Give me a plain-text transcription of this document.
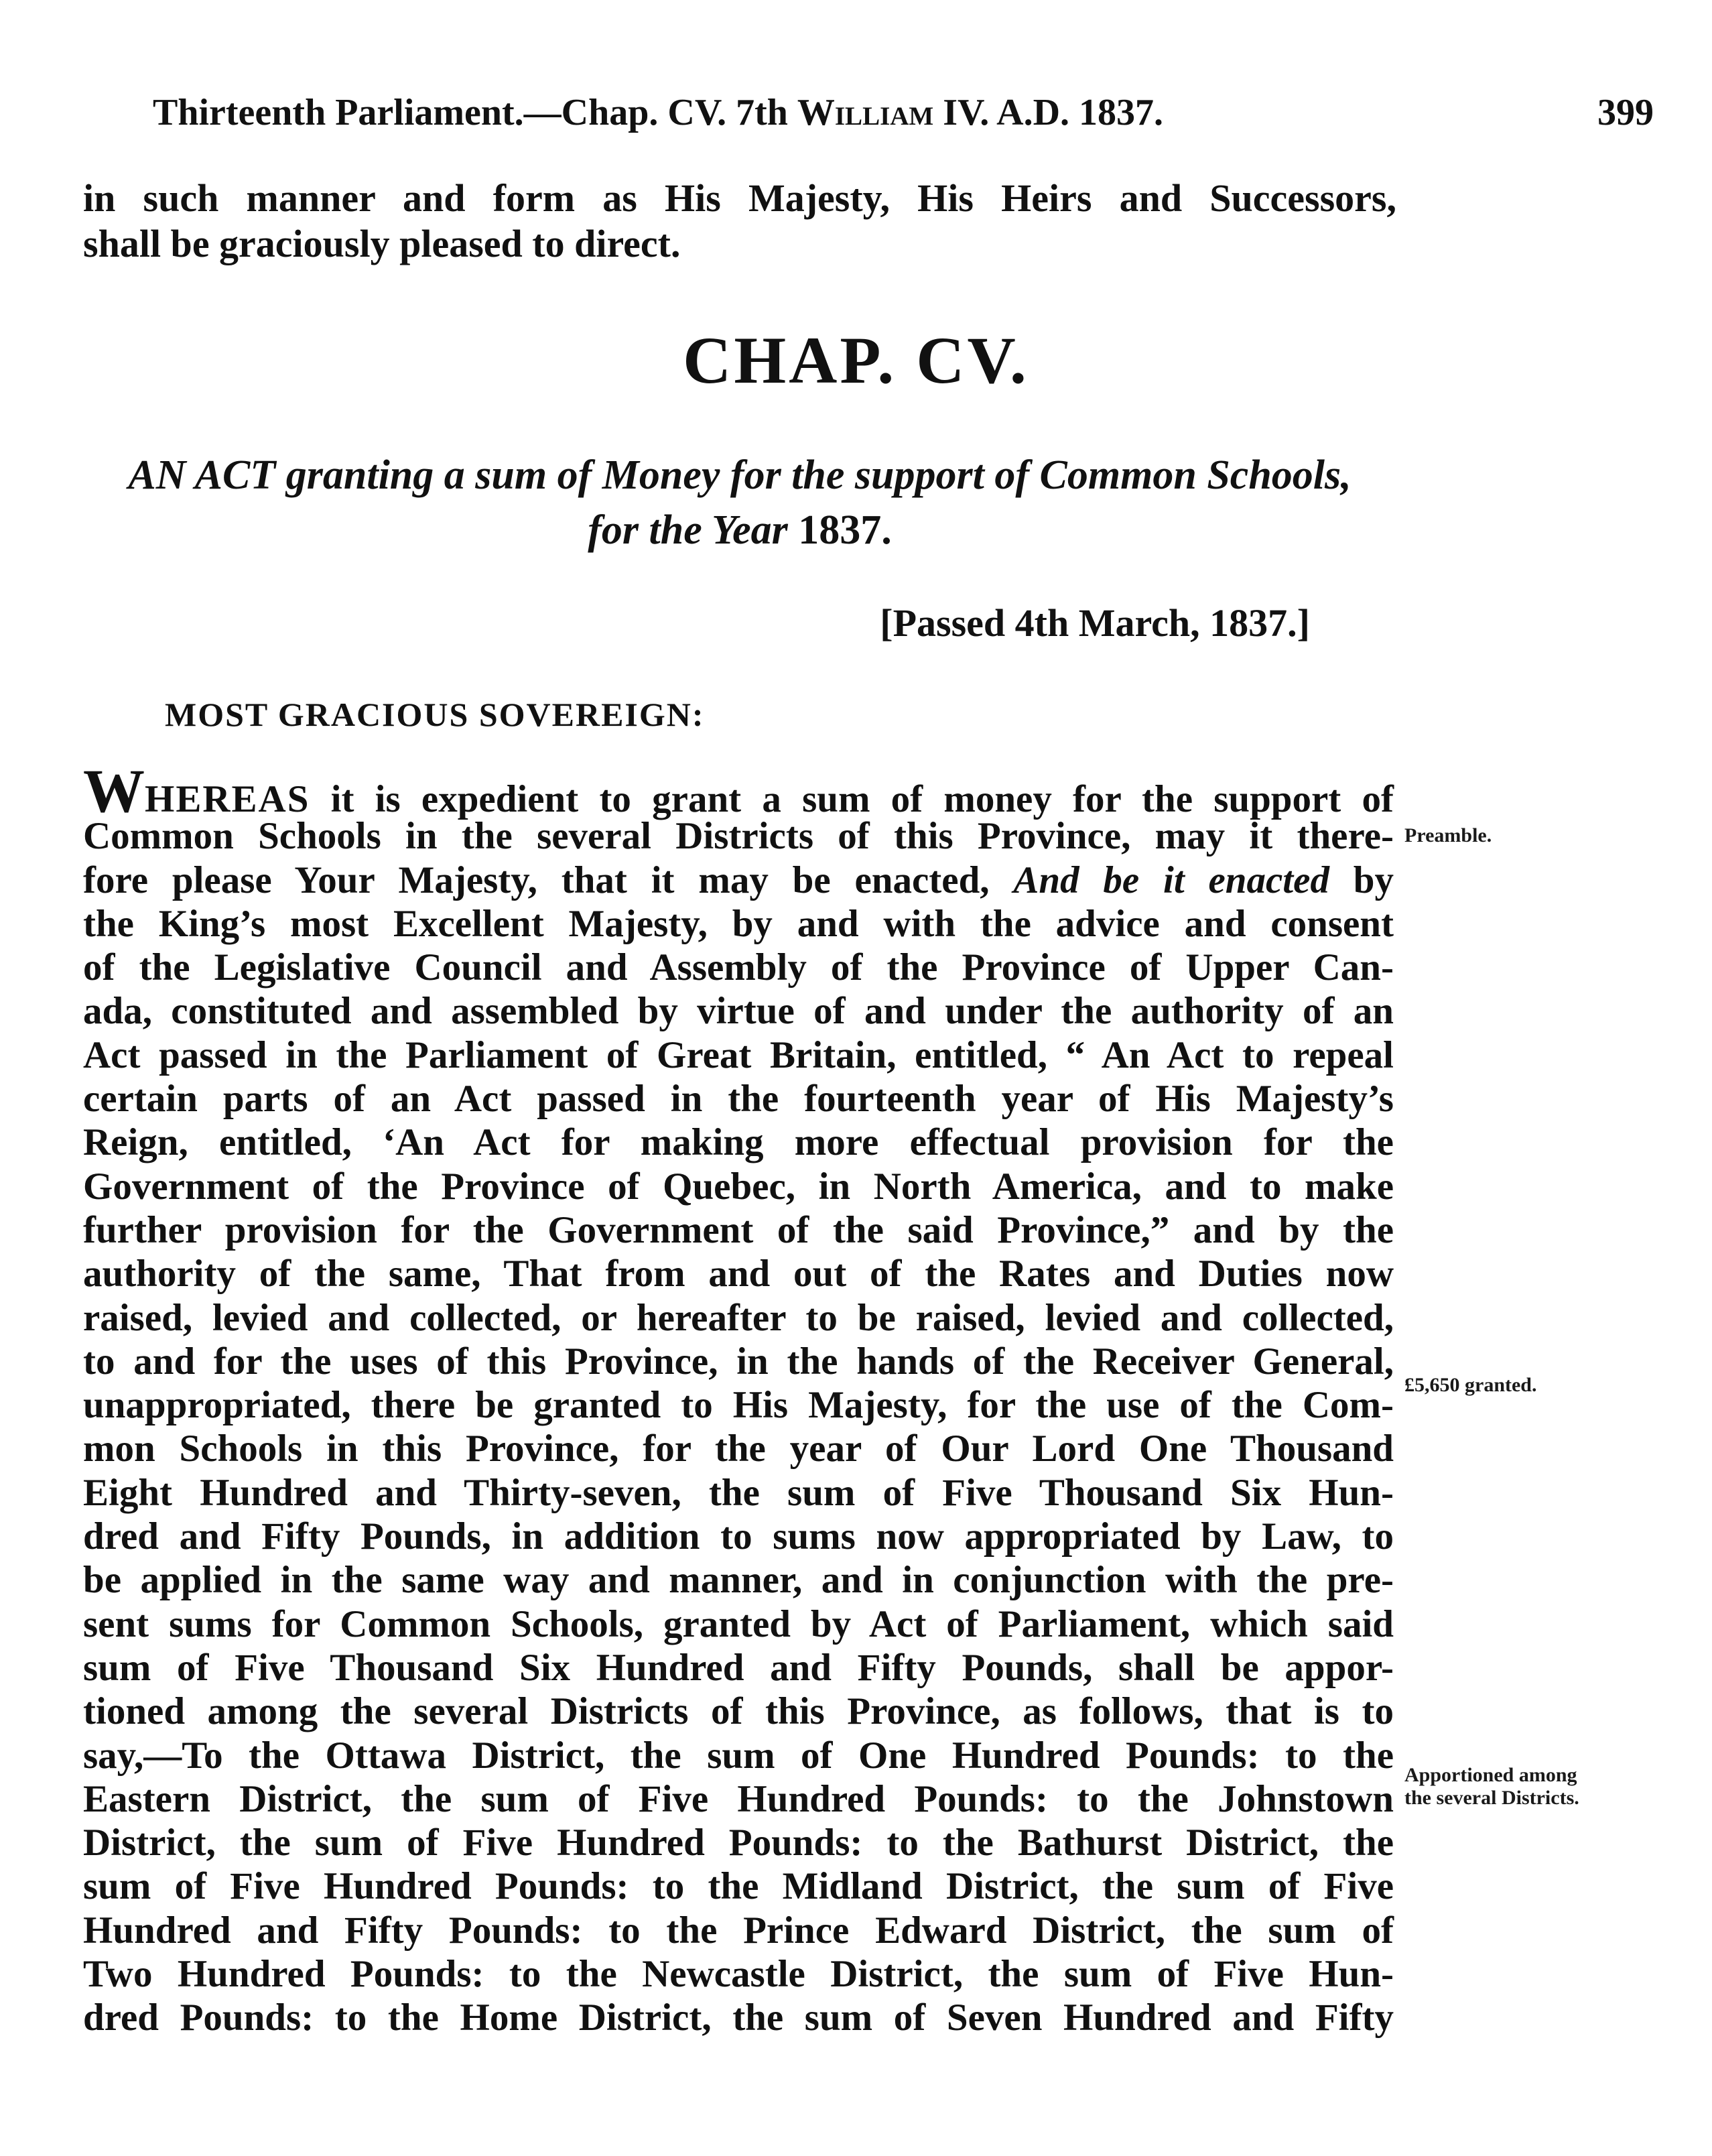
Thirteenth Parliament.—Chap. CV. 7th William IV. A.D. 1837.	399
in such manner and form as His Majesty, His Heirs and Successors,
shall be graciously pleased to direct.
CHAP. CV.
AN ACT granting a sum of Money for the support of Common Schools,
for the Year 1837.
[Passed 4th March, 1837.]
MOST GRACIOUS SOVEREIGN:
WHEREAS it is expedient to grant a sum of money for the support of
Common Schools in the several Districts of this Province, may it there-
fore please Your Majesty, that it may be enacted, And be it enacted by
the King’s most Excellent Majesty, by and with the advice and consent
of the Legislative Council and Assembly of the Province of Upper Can-
ada, constituted and assembled by virtue of and under the authority of an
Act passed in the Parliament of Great Britain, entitled, “ An Act to repeal
certain parts of an Act passed in the fourteenth year of His Majesty’s
Reign, entitled, ‘An Act for making more effectual provision for the
Government of the Province of Quebec, in North America, and to make
further provision for the Government of the said Province,” and by the
authority of the same, That from and out of the Rates and Duties now
raised, levied and collected, or hereafter to be raised, levied and collected,
to and for the uses of this Province, in the hands of the Receiver General,
unappropriated, there be granted to His Majesty, for the use of the Com-
mon Schools in this Province, for the year of Our Lord One Thousand
Eight Hundred and Thirty-seven, the sum of Five Thousand Six Hun-
dred and Fifty Pounds, in addition to sums now appropriated by Law, to
be applied in the same way and manner, and in conjunction with the pre-
sent sums for Common Schools, granted by Act of Parliament, which said
sum of Five Thousand Six Hundred and Fifty Pounds, shall be appor-
tioned among the several Districts of this Province, as follows, that is to
say,—To the Ottawa District, the sum of One Hundred Pounds: to the
Eastern District, the sum of Five Hundred Pounds: to the Johnstown
District, the sum of Five Hundred Pounds: to the Bathurst District, the
sum of Five Hundred Pounds: to the Midland District, the sum of Five
Hundred and Fifty Pounds: to the Prince Edward District, the sum of
Two Hundred Pounds: to the Newcastle District, the sum of Five Hun-
dred Pounds: to the Home District, the sum of Seven Hundred and Fifty
Preamble.
£5,650 granted.
Apportioned among
the several Districts.
